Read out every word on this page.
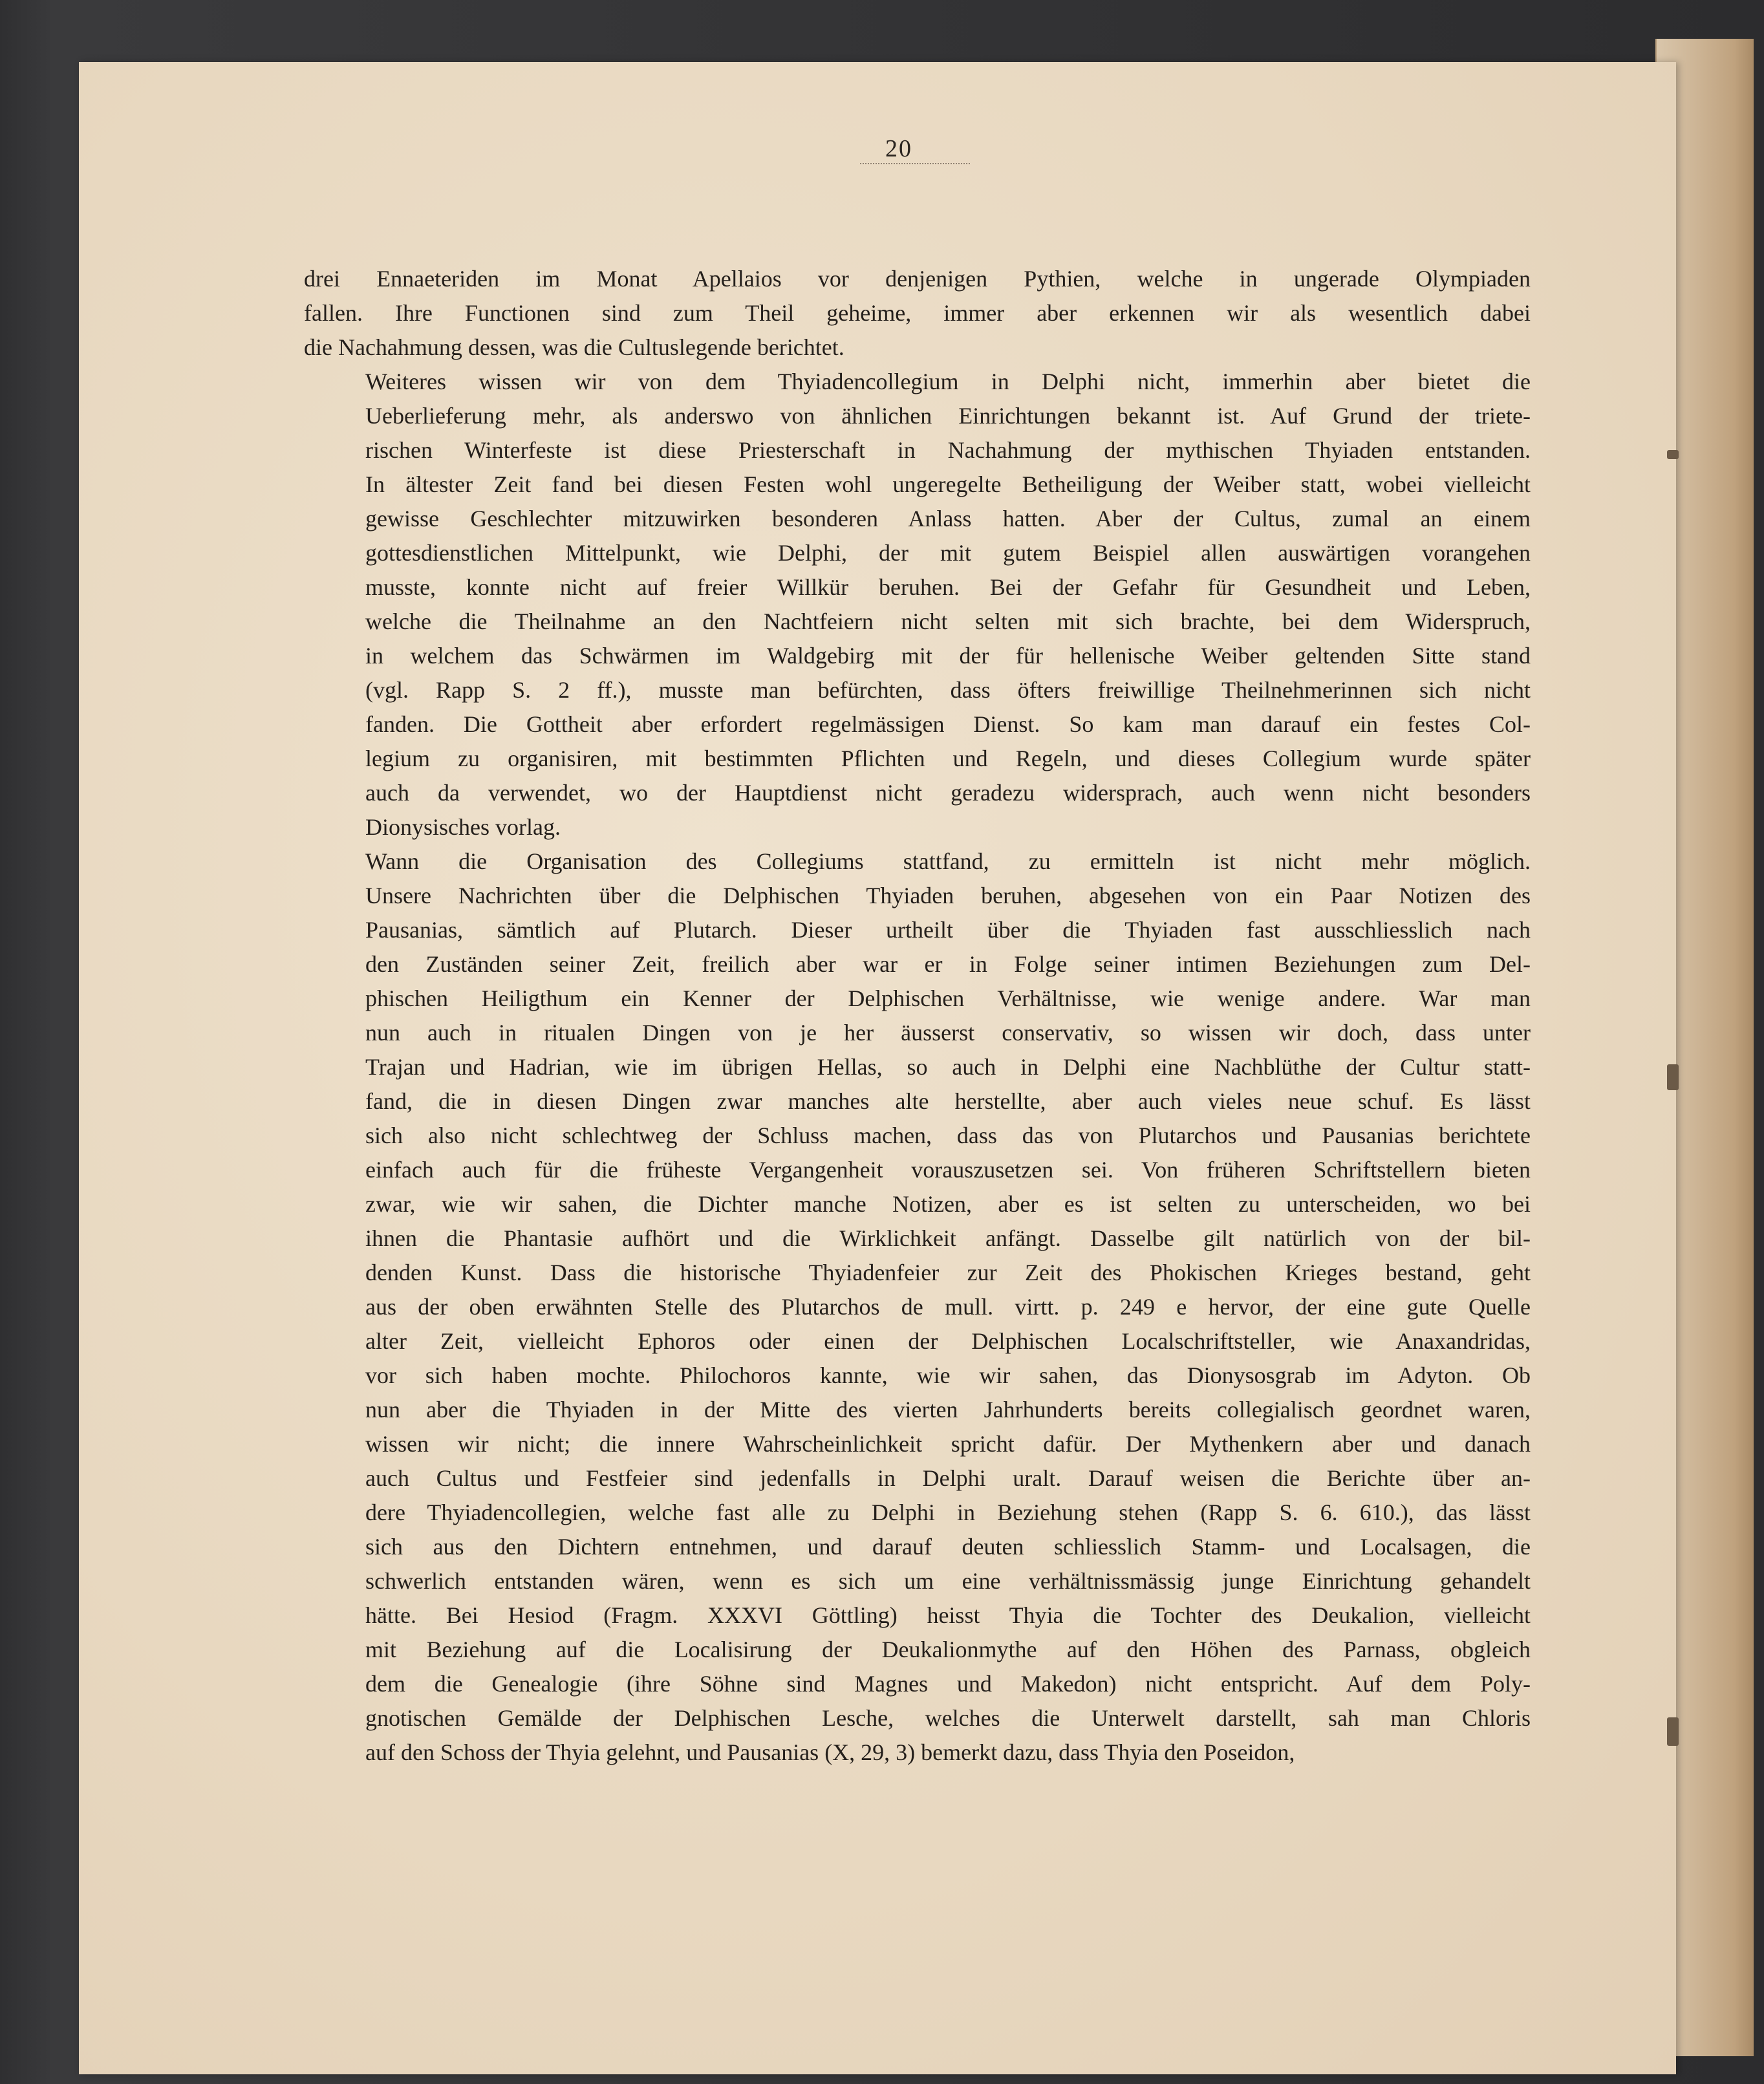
20
drei Ennaeteriden im Monat Apellaios vor denjenigen Pythien, welche in ungerade Olympiaden
fallen. Ihre Functionen sind zum Theil geheime, immer aber erkennen wir als wesentlich dabei
die Nachahmung dessen, was die Cultuslegende berichtet.
Weiteres wissen wir von dem Thyiadencollegium in Delphi nicht, immerhin aber bietet die
Ueberlieferung mehr, als anderswo von ähnlichen Einrichtungen bekannt ist. Auf Grund der triete-
rischen Winterfeste ist diese Priesterschaft in Nachahmung der mythischen Thyiaden entstanden.
In ältester Zeit fand bei diesen Festen wohl ungeregelte Betheiligung der Weiber statt, wobei vielleicht
gewisse Geschlechter mitzuwirken besonderen Anlass hatten. Aber der Cultus, zumal an einem
gottesdienstlichen Mittelpunkt, wie Delphi, der mit gutem Beispiel allen auswärtigen vorangehen
musste, konnte nicht auf freier Willkür beruhen. Bei der Gefahr für Gesundheit und Leben,
welche die Theilnahme an den Nachtfeiern nicht selten mit sich brachte, bei dem Widerspruch,
in welchem das Schwärmen im Waldgebirg mit der für hellenische Weiber geltenden Sitte stand
(vgl. Rapp S. 2 ff.), musste man befürchten, dass öfters freiwillige Theilnehmerinnen sich nicht
fanden. Die Gottheit aber erfordert regelmässigen Dienst. So kam man darauf ein festes Col-
legium zu organisiren, mit bestimmten Pflichten und Regeln, und dieses Collegium wurde später
auch da verwendet, wo der Hauptdienst nicht geradezu widersprach, auch wenn nicht besonders
Dionysisches vorlag.
Wann die Organisation des Collegiums stattfand, zu ermitteln ist nicht mehr möglich.
Unsere Nachrichten über die Delphischen Thyiaden beruhen, abgesehen von ein Paar Notizen des
Pausanias, sämtlich auf Plutarch. Dieser urtheilt über die Thyiaden fast ausschliesslich nach
den Zuständen seiner Zeit, freilich aber war er in Folge seiner intimen Beziehungen zum Del-
phischen Heiligthum ein Kenner der Delphischen Verhältnisse, wie wenige andere. War man
nun auch in ritualen Dingen von je her äusserst conservativ, so wissen wir doch, dass unter
Trajan und Hadrian, wie im übrigen Hellas, so auch in Delphi eine Nachblüthe der Cultur statt-
fand, die in diesen Dingen zwar manches alte herstellte, aber auch vieles neue schuf. Es lässt
sich also nicht schlechtweg der Schluss machen, dass das von Plutarchos und Pausanias berichtete
einfach auch für die früheste Vergangenheit vorauszusetzen sei. Von früheren Schriftstellern bieten
zwar, wie wir sahen, die Dichter manche Notizen, aber es ist selten zu unterscheiden, wo bei
ihnen die Phantasie aufhört und die Wirklichkeit anfängt. Dasselbe gilt natürlich von der bil-
denden Kunst. Dass die historische Thyiadenfeier zur Zeit des Phokischen Krieges bestand, geht
aus der oben erwähnten Stelle des Plutarchos de mull. virtt. p. 249 e hervor, der eine gute Quelle
alter Zeit, vielleicht Ephoros oder einen der Delphischen Localschriftsteller, wie Anaxandridas,
vor sich haben mochte. Philochoros kannte, wie wir sahen, das Dionysosgrab im Adyton. Ob
nun aber die Thyiaden in der Mitte des vierten Jahrhunderts bereits collegialisch geordnet waren,
wissen wir nicht; die innere Wahrscheinlichkeit spricht dafür. Der Mythenkern aber und danach
auch Cultus und Festfeier sind jedenfalls in Delphi uralt. Darauf weisen die Berichte über an-
dere Thyiadencollegien, welche fast alle zu Delphi in Beziehung stehen (Rapp S. 6. 610.), das lässt
sich aus den Dichtern entnehmen, und darauf deuten schliesslich Stamm- und Localsagen, die
schwerlich entstanden wären, wenn es sich um eine verhältnissmässig junge Einrichtung gehandelt
hätte. Bei Hesiod (Fragm. XXXVI Göttling) heisst Thyia die Tochter des Deukalion, vielleicht
mit Beziehung auf die Localisirung der Deukalionmythe auf den Höhen des Parnass, obgleich
dem die Genealogie (ihre Söhne sind Magnes und Makedon) nicht entspricht. Auf dem Poly-
gnotischen Gemälde der Delphischen Lesche, welches die Unterwelt darstellt, sah man Chloris
auf den Schoss der Thyia gelehnt, und Pausanias (X, 29, 3) bemerkt dazu, dass Thyia den Poseidon,
